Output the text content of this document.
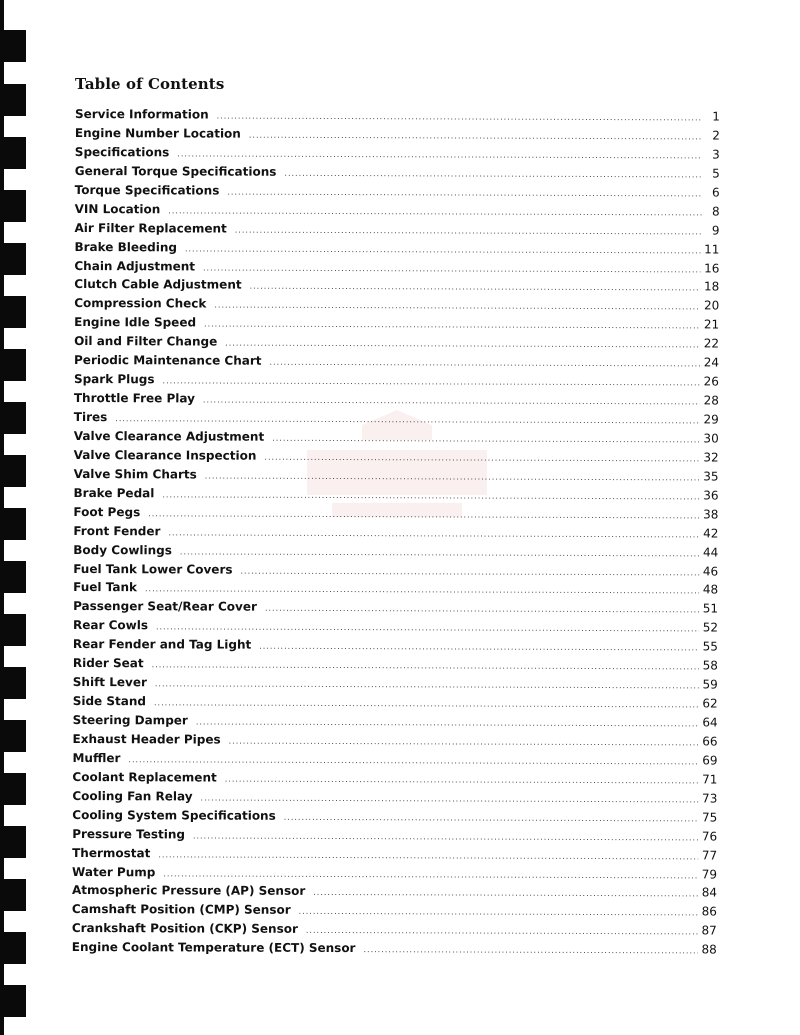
Table of Contents
Service Information .....	1
Engine Number Location .....	2
Specifications .....	3
General Torque Specifications .....	5
Torque Specifications .....	6
VIN Location .....	8
Air Filter Replacement .....	9
Brake Bleeding .....	11
Chain Adjustment .....	16
Clutch Cable Adjustment .....	18
Compression Check .....	20
Engine Idle Speed .....	21
Oil and Filter Change .....	22
Periodic Maintenance Chart .....	24
Spark Plugs .....	26
Throttle Free Play .....	28
Tires .....	29
Valve Clearance Adjustment .....	30
Valve Clearance Inspection .....	32
Valve Shim Charts .....	35
Brake Pedal .....	36
Foot Pegs .....	38
Front Fender .....	42
Body Cowlings .....	44
Fuel Tank Lower Covers .....	46
Fuel Tank .....	48
Passenger Seat/Rear Cover .....	51
Rear Cowls .....	52
Rear Fender and Tag Light .....	55
Rider Seat .....	58
Shift Lever .....	59
Side Stand .....	62
Steering Damper .....	64
Exhaust Header Pipes .....	66
Muffler .....	69
Coolant Replacement .....	71
Cooling Fan Relay .....	73
Cooling System Specifications .....	75
Pressure Testing .....	76
Thermostat .....	77
Water Pump .....	79
Atmospheric Pressure (AP) Sensor .....	84
Camshaft Position (CMP) Sensor .....	86
Crankshaft Position (CKP) Sensor .....	87
Engine Coolant Temperature (ECT) Sensor .....	88
